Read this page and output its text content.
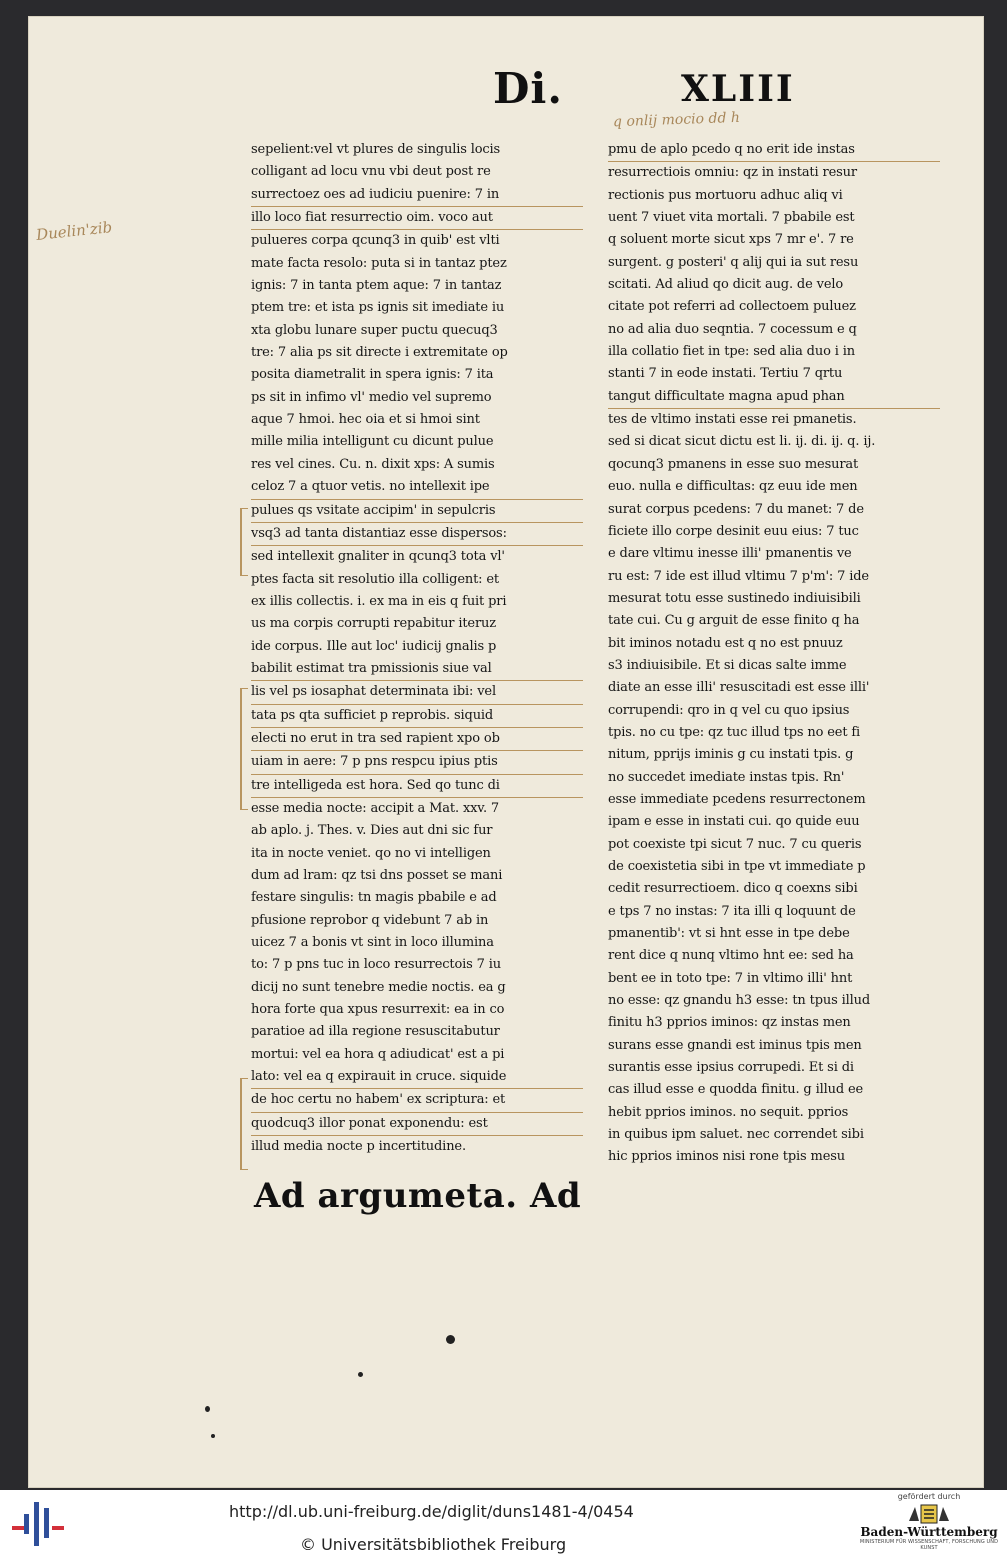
Di.	XLIII
q onlij mocio dd h
Duelin'zib
sepelient:vel vt plures de singulis locis
colligant ad locu vnu vbi deut post re
surrectoez oes ad iudiciu puenire: 7 in
illo loco fiat resurrectio oim. voco aut
pulueres corpa qcunq3 in quib' est vlti
mate facta resolo: puta si in tantaz ptez
ignis: 7 in tanta ptem aque: 7 in tantaz
ptem tre: et ista ps ignis sit imediate iu
xta globu lunare super puctu quecuq3
tre: 7 alia ps sit directe i extremitate op
posita diametralit in spera ignis: 7 ita
ps sit in infimo vl' medio vel supremo
aque 7 hmoi. hec oia et si hmoi sint
mille milia intelligunt cu dicunt pulue
res vel cines. Cu. n. dixit xps: A sumis
celoz 7 a qtuor vetis. no intellexit ipe
pulues qs vsitate accipim' in sepulcris
vsq3 ad tanta distantiaz esse dispersos:
sed intellexit gnaliter in qcunq3 tota vl'
ptes facta sit resolutio illa colligent: et
ex illis collectis. i. ex ma in eis q fuit pri
us ma corpis corrupti repabitur iteruz
ide corpus. Ille aut loc' iudicij gnalis p
babilit estimat tra pmissionis siue val
lis vel ps iosaphat determinata ibi: vel
tata ps qta sufficiet p reprobis. siquid
electi no erut in tra sed rapient xpo ob
uiam in aere: 7 p pns respcu ipius ptis
tre intelligeda est hora. Sed qo tunc di
esse media nocte: accipit a Mat. xxv. 7
ab aplo. j. Thes. v. Dies aut dni sic fur
ita in nocte veniet. qo no vi intelligen
dum ad lram: qz tsi dns posset se mani
festare singulis: tn magis pbabile e ad
pfusione reprobor q videbunt 7 ab in
uicez 7 a bonis vt sint in loco illumina
to: 7 p pns tuc in loco resurrectois 7 iu
dicij no sunt tenebre medie noctis. ea g
hora forte qua xpus resurrexit: ea in co
paratioe ad illa regione resuscitabutur
mortui: vel ea hora q adiudicat' est a pi
lato: vel ea q expirauit in cruce. siquide
de hoc certu no habem' ex scriptura: et
quodcuq3 illor ponat exponendu: est
illud media nocte p incertitudine.
pmu de aplo pcedo q no erit ide instas
resurrectiois omniu: qz in instati resur
rectionis pus mortuoru adhuc aliq vi
uent 7 viuet vita mortali. 7 pbabile est
q soluent morte sicut xps 7 mr e'. 7 re
surgent. g posteri' q alij qui ia sut resu
scitati. Ad aliud qo dicit aug. de velo
citate pot referri ad collectoem puluez
no ad alia duo seqntia. 7 cocessum e q
illa collatio fiet in tpe: sed alia duo i in
stanti 7 in eode instati. Tertiu 7 qrtu
tangut difficultate magna apud phan
tes de vltimo instati esse rei pmanetis.
sed si dicat sicut dictu est li. ij. di. ij. q. ij.
qocunq3 pmanens in esse suo mesurat
euo. nulla e difficultas: qz euu ide men
surat corpus pcedens: 7 du manet: 7 de
ficiete illo corpe desinit euu eius: 7 tuc
e dare vltimu inesse illi' pmanentis ve
ru est: 7 ide est illud vltimu 7 p'm': 7 ide
mesurat totu esse sustinedo indiuisibili
tate cui. Cu g arguit de esse finito q ha
bit iminos notadu est q no est pnuuz
s3 indiuisibile. Et si dicas salte imme
diate an esse illi' resuscitadi est esse illi'
corrupendi: qro in q vel cu quo ipsius
tpis. no cu tpe: qz tuc illud tps no eet fi
nitum, pprijs iminis g cu instati tpis. g
no succedet imediate instas tpis. Rn'
esse immediate pcedens resurrectonem
ipam e esse in instati cui. qo quide euu
pot coexiste tpi sicut 7 nuc. 7 cu queris
de coexistetia sibi in tpe vt immediate p
cedit resurrectioem. dico q coexns sibi
e tps 7 no instas: 7 ita illi q loquunt de
pmanentib': vt si hnt esse in tpe debe
rent dice q nunq vltimo hnt ee: sed ha
bent ee in toto tpe: 7 in vltimo illi' hnt
no esse: qz gnandu h3 esse: tn tpus illud
finitu h3 pprios iminos: qz instas men
surans esse gnandi est iminus tpis men
surantis esse ipsius corrupedi. Et si di
cas illud esse e quodda finitu. g illud ee
hebit pprios iminos. no sequit. pprios
in quibus ipm saluet. nec correndet sibi
hic pprios iminos nisi rone tpis mesu
Ad argumeta. Ad
http://dl.ub.uni-freiburg.de/diglit/duns1481-4/0454
© Universitätsbibliothek Freiburg
gefördert durch
Baden-Württemberg
MINISTERIUM FÜR WISSENSCHAFT, FORSCHUNG UND KUNST
